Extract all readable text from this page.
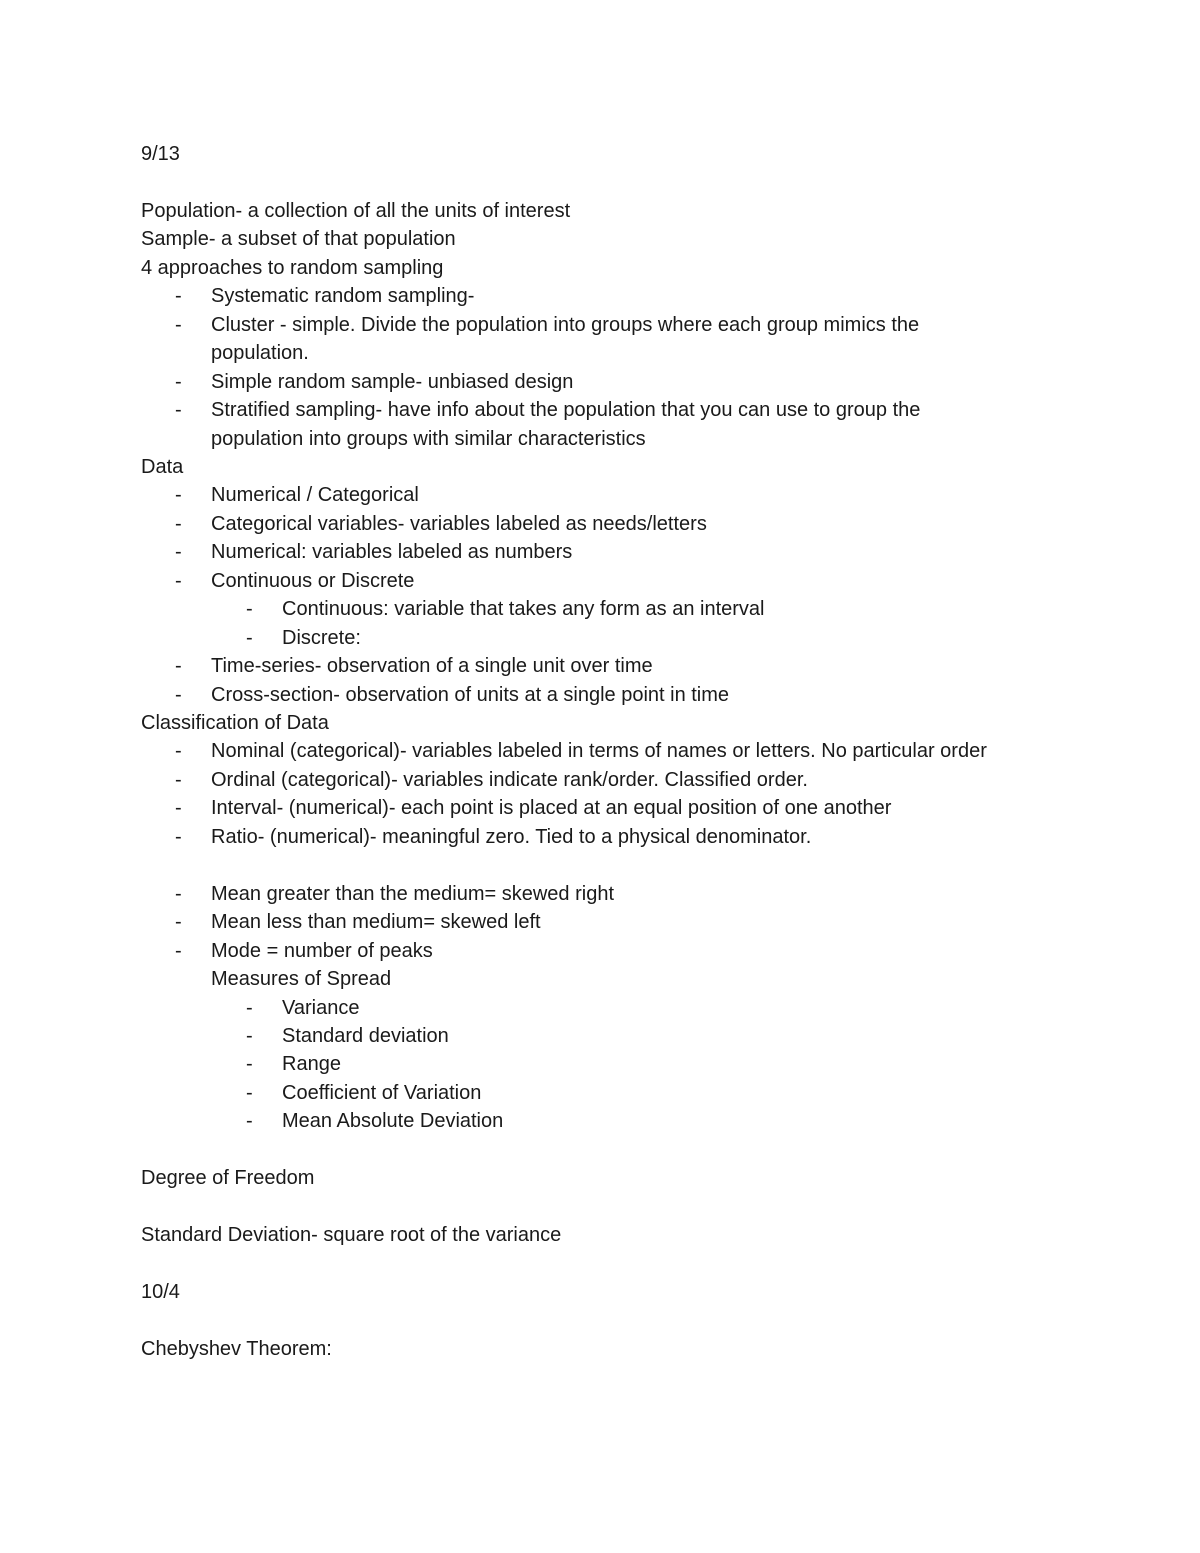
9/13
Population- a collection of all the units of interest
Sample- a subset of that population
4 approaches to random sampling
- Systematic random sampling-
- Cluster - simple. Divide the population into groups where each group mimics the
population.
- Simple random sample- unbiased design
- Stratified sampling- have info about the population that you can use to group the
population into groups with similar characteristics
Data
- Numerical / Categorical
- Categorical variables- variables labeled as needs/letters
- Numerical: variables labeled as numbers
- Continuous or Discrete
- Continuous: variable that takes any form as an interval
- Discrete:
- Time-series- observation of a single unit over time
- Cross-section- observation of units at a single point in time
Classification of Data
- Nominal (categorical)- variables labeled in terms of names or letters. No particular order
- Ordinal (categorical)- variables indicate rank/order. Classified order.
- Interval- (numerical)- each point is placed at an equal position of one another
- Ratio- (numerical)- meaningful zero. Tied to a physical denominator.
- Mean greater than the medium= skewed right
- Mean less than medium= skewed left
- Mode = number of peaks
Measures of Spread
- Variance
- Standard deviation
- Range
- Coefficient of Variation
- Mean Absolute Deviation
Degree of Freedom
Standard Deviation- square root of the variance
10/4
Chebyshev Theorem:
